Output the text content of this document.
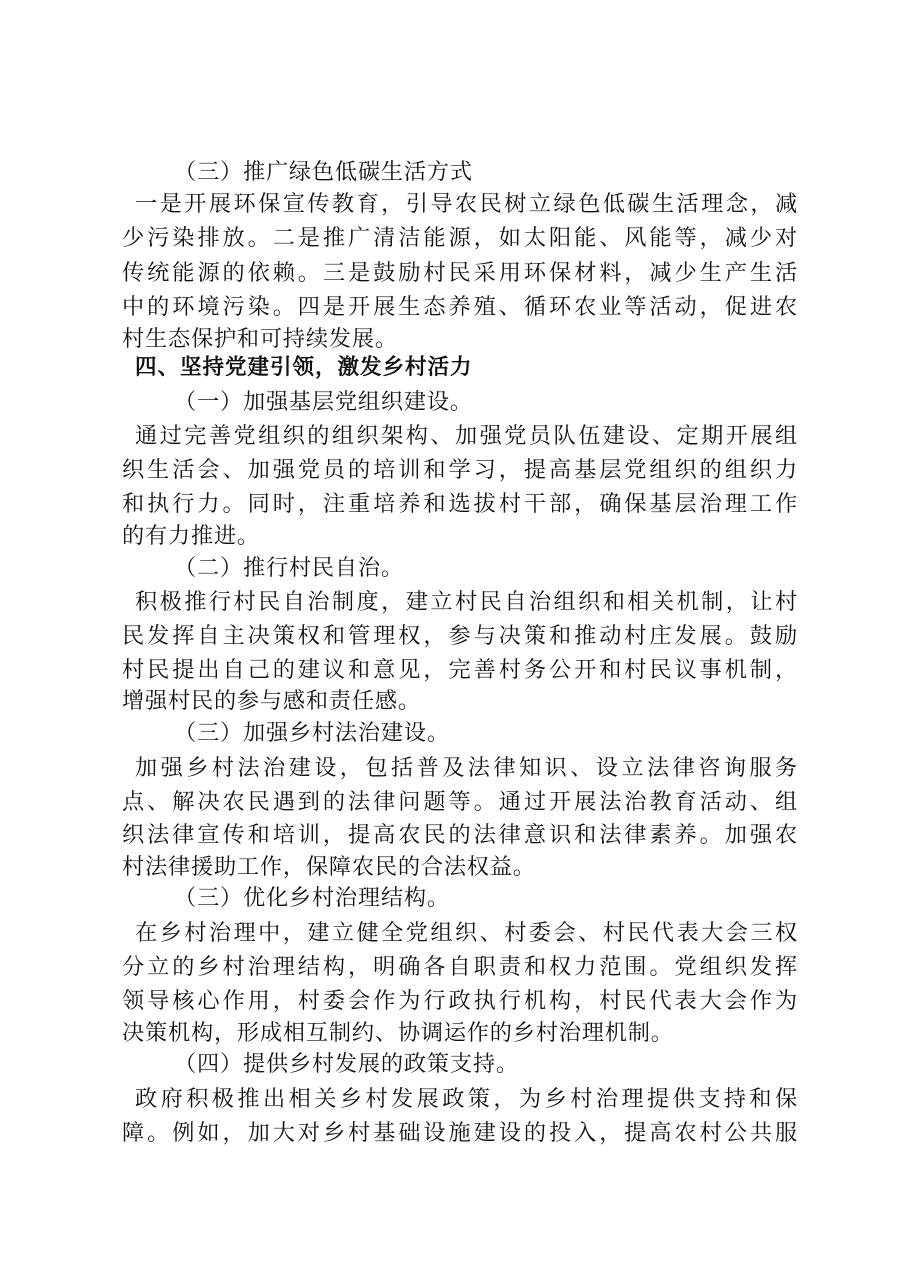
（三）推广绿色低碳生活方式
一是开展环保宣传教育，引导农民树立绿色低碳生活理念，减
少污染排放。二是推广清洁能源，如太阳能、风能等，减少对
传统能源的依赖。三是鼓励村民采用环保材料，减少生产生活
中的环境污染。四是开展生态养殖、循环农业等活动，促进农
村生态保护和可持续发展。
四、坚持党建引领，激发乡村活力
（一）加强基层党组织建设。
通过完善党组织的组织架构、加强党员队伍建设、定期开展组
织生活会、加强党员的培训和学习，提高基层党组织的组织力
和执行力。同时，注重培养和选拔村干部，确保基层治理工作
的有力推进。
（二）推行村民自治。
积极推行村民自治制度，建立村民自治组织和相关机制，让村
民发挥自主决策权和管理权，参与决策和推动村庄发展。鼓励
村民提出自己的建议和意见，完善村务公开和村民议事机制，
增强村民的参与感和责任感。
（三）加强乡村法治建设。
加强乡村法治建设，包括普及法律知识、设立法律咨询服务
点、解决农民遇到的法律问题等。通过开展法治教育活动、组
织法律宣传和培训，提高农民的法律意识和法律素养。加强农
村法律援助工作，保障农民的合法权益。
（三）优化乡村治理结构。
在乡村治理中，建立健全党组织、村委会、村民代表大会三权
分立的乡村治理结构，明确各自职责和权力范围。党组织发挥
领导核心作用，村委会作为行政执行机构，村民代表大会作为
决策机构，形成相互制约、协调运作的乡村治理机制。
（四）提供乡村发展的政策支持。
政府积极推出相关乡村发展政策，为乡村治理提供支持和保
障。例如，加大对乡村基础设施建设的投入，提高农村公共服
